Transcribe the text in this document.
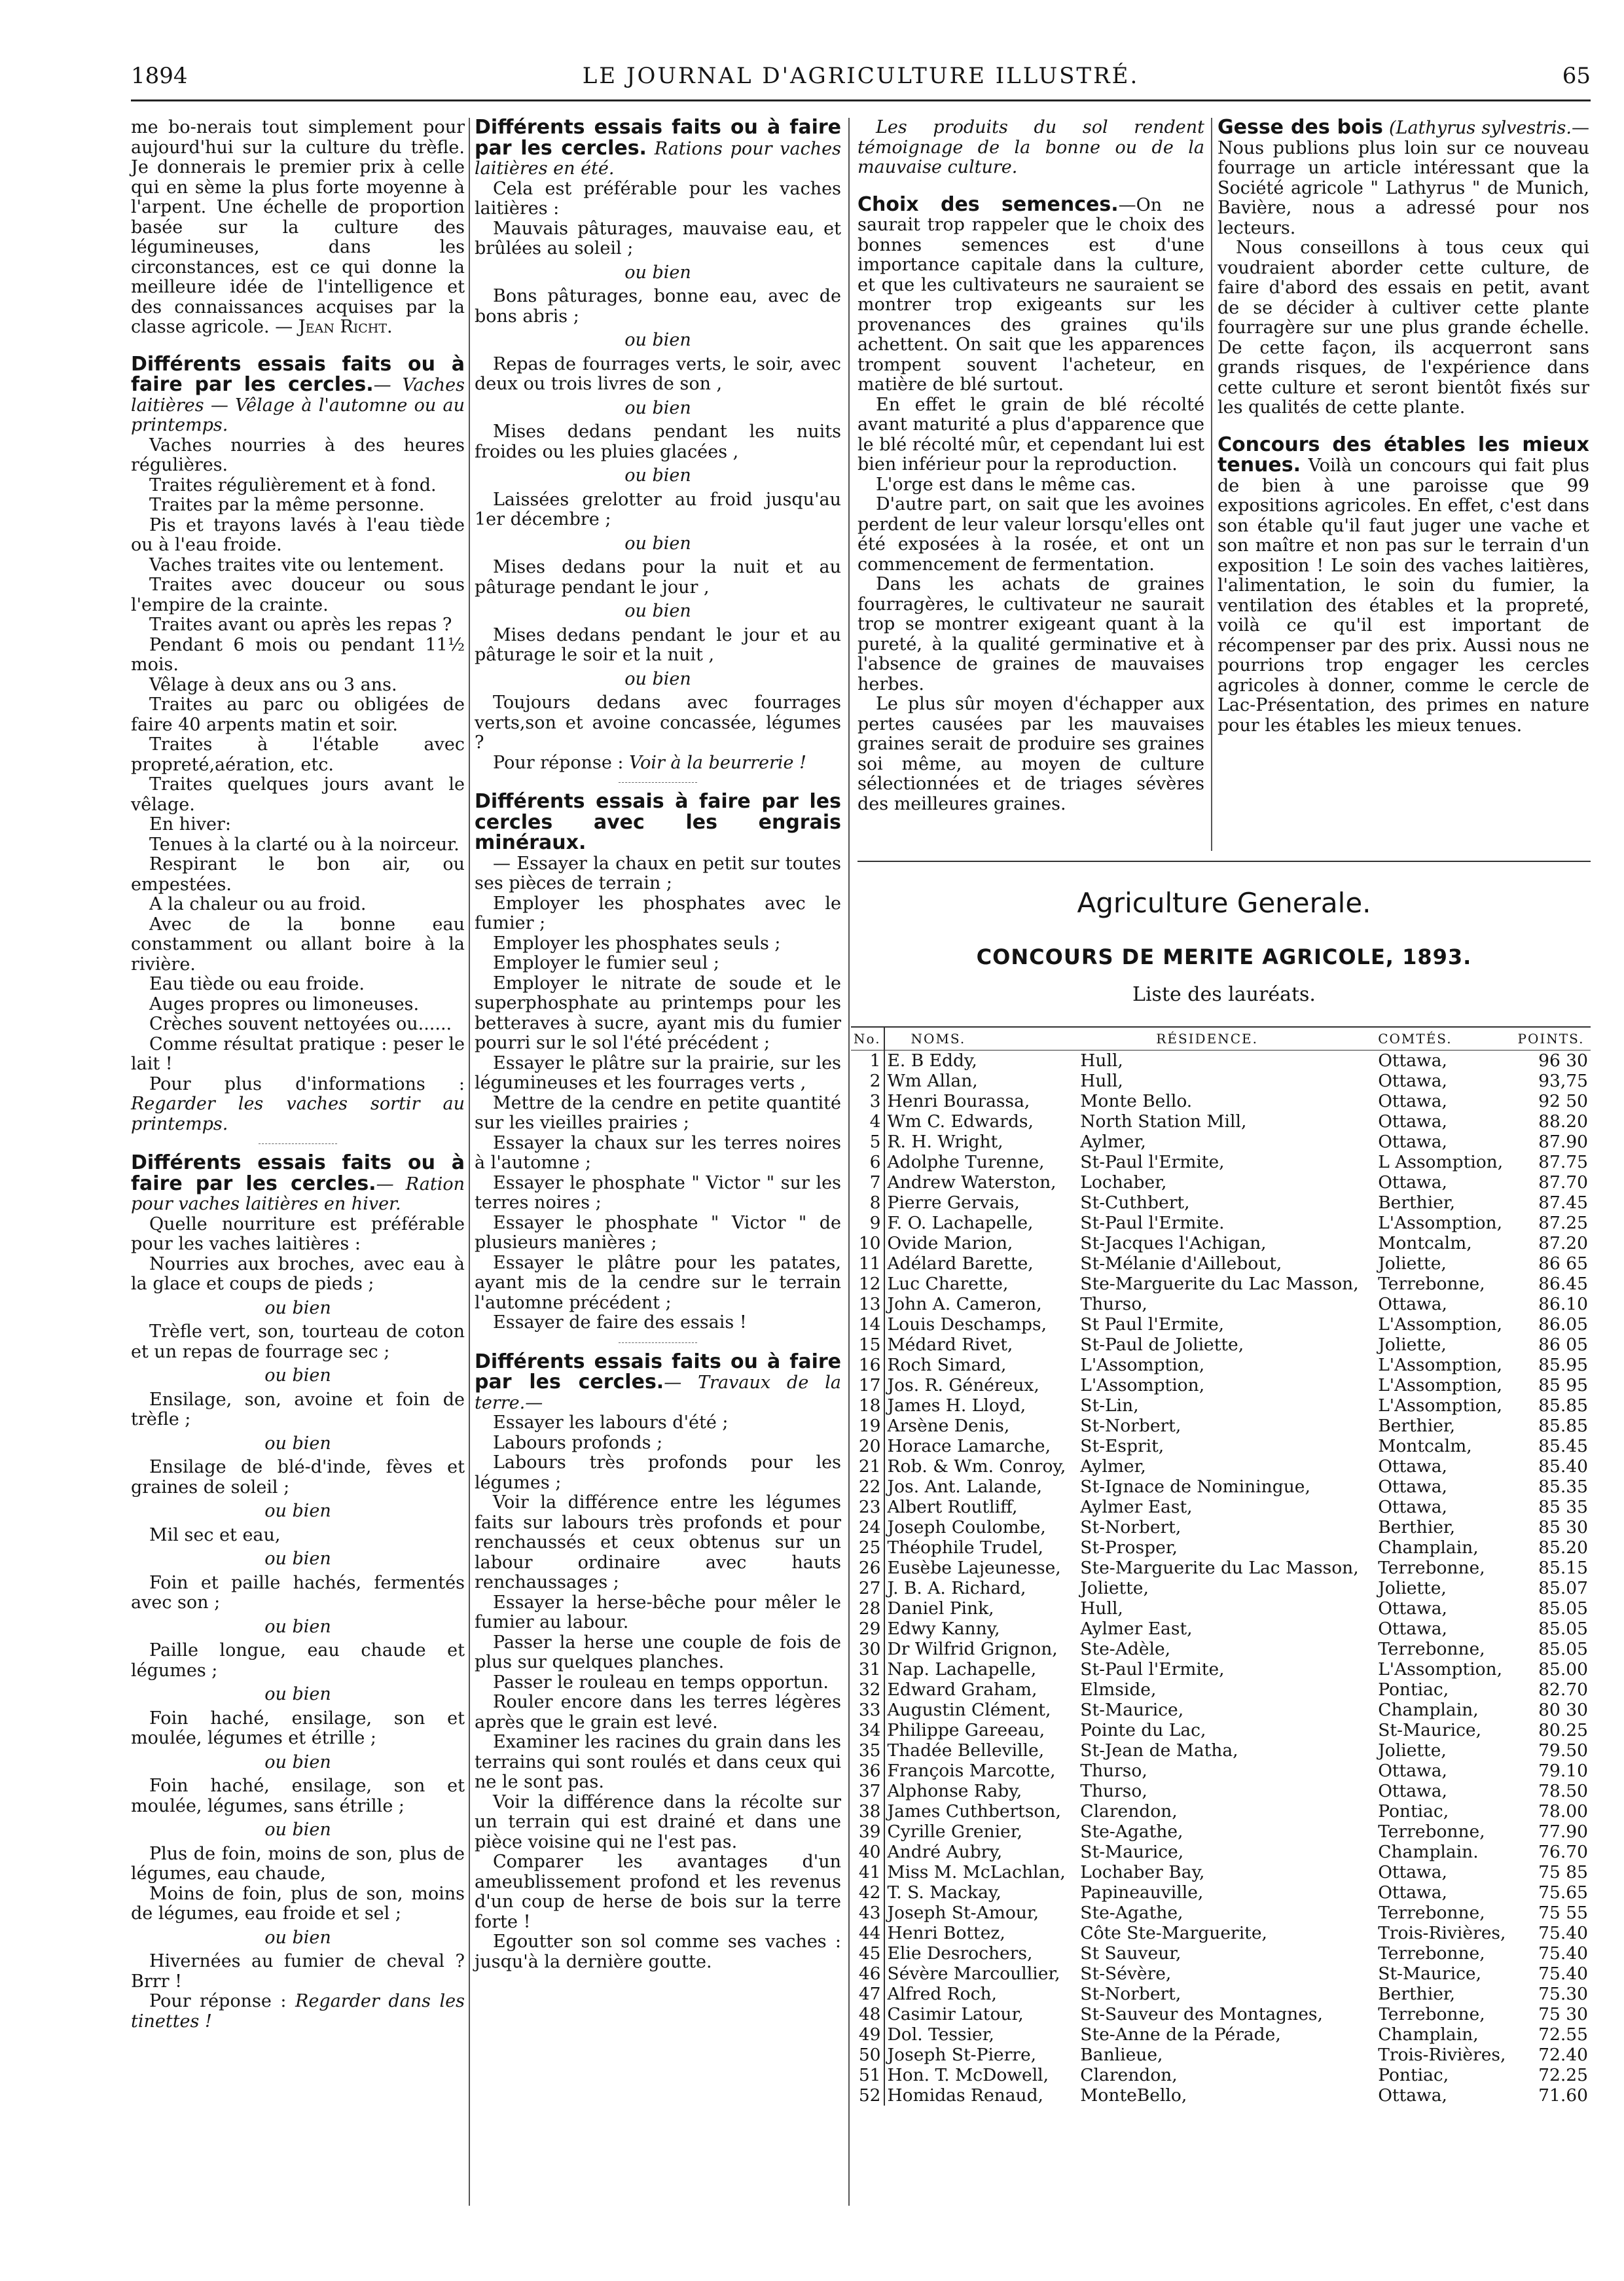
1894	LE JOURNAL D'AGRICULTURE ILLUSTRÉ.	65

me bo-nerais tout simplement pour aujourd'hui sur la culture du trèfle. Je donnerais le premier prix à celle qui en sème la plus forte moyenne à l'arpent. Une échelle de proportion basée sur la culture des légumineuses, dans les circonstances, est ce qui donne la meilleure idée de l'intelligence et des connaissances acquises par la classe agricole. — Jean Richt.

Différents essais faits ou à faire par les cercles.— Vaches laitières — Vêlage à l'automne ou au printemps.

Vaches nourries à des heures régulières.

Traites régulièrement et à fond.

Traites par la même personne.

Pis et trayons lavés à l'eau tiède ou à l'eau froide.

Vaches traites vite ou lentement.

Traites avec douceur ou sous l'empire de la crainte.

Traites avant ou après les repas ?

Pendant 6 mois ou pendant 11½ mois.

Vêlage à deux ans ou 3 ans.

Traites au parc ou obligées de faire 40 arpents matin et soir.

Traites à l'étable avec propreté,aération, etc.

Traites quelques jours avant le vêlage.

En hiver:

Tenues à la clarté ou à la noirceur.

Respirant le bon air, ou empestées.

A la chaleur ou au froid.

Avec de la bonne eau constamment ou allant boire à la rivière.

Eau tiède ou eau froide.

Auges propres ou limoneuses.

Crèches souvent nettoyées ou......

Comme résultat pratique : peser le lait !

Pour plus d'informations : Regarder les vaches sortir au printemps.

Différents essais faits ou à faire par les cercles.— Ration pour vaches laitières en hiver.

Quelle nourriture est préférable pour les vaches laitières :

Nourries aux broches, avec eau à la glace et coups de pieds ;

ou bien

Trèfle vert, son, tourteau de coton et un repas de fourrage sec ;

ou bien

Ensilage, son, avoine et foin de trèfle ;

ou bien

Ensilage de blé-d'inde, fèves et graines de soleil ;

ou bien

Mil sec et eau,

ou bien

Foin et paille hachés, fermentés avec son ;

ou bien

Paille longue, eau chaude et légumes ;

ou bien

Foin haché, ensilage, son et moulée, légumes et étrille ;

ou bien

Foin haché, ensilage, son et moulée, légumes, sans étrille ;

ou bien

Plus de foin, moins de son, plus de légumes, eau chaude,

Moins de foin, plus de son, moins de légumes, eau froide et sel ;

ou bien

Hivernées au fumier de cheval ? Brrr !

Pour réponse : Regarder dans les tinettes !

Différents essais faits ou à faire par les cercles. Rations pour vaches laitières en été.

Cela est préférable pour les vaches laitières :

Mauvais pâturages, mauvaise eau, et brûlées au soleil ;

ou bien

Bons pâturages, bonne eau, avec de bons abris ;

ou bien

Repas de fourrages verts, le soir, avec deux ou trois livres de son ,

ou bien

Mises dedans pendant les nuits froides ou les pluies glacées ,

ou bien

Laissées grelotter au froid jusqu'au 1er décembre ;

ou bien

Mises dedans pour la nuit et au pâturage pendant le jour ,

ou bien

Mises dedans pendant le jour et au pâturage le soir et la nuit ,

ou bien

Toujours dedans avec fourrages verts,son et avoine concassée, légumes ?

Pour réponse : Voir à la beurrerie !

Différents essais à faire par les cercles avec les engrais minéraux.

— Essayer la chaux en petit sur toutes ses pièces de terrain ;

Employer les phosphates avec le fumier ;

Employer les phosphates seuls ;

Employer le fumier seul ;

Employer le nitrate de soude et le superphosphate au printemps pour les betteraves à sucre, ayant mis du fumier pourri sur le sol l'été précédent ;

Essayer le plâtre sur la prairie, sur les légumineuses et les fourrages verts ,

Mettre de la cendre en petite quantité sur les vieilles prairies ;

Essayer la chaux sur les terres noires à l'automne ;

Essayer le phosphate " Victor " sur les terres noires ;

Essayer le phosphate " Victor " de plusieurs manières ;

Essayer le plâtre pour les patates, ayant mis de la cendre sur le terrain l'automne précédent ;

Essayer de faire des essais !

Différents essais faits ou à faire par les cercles.— Travaux de la terre.—

Essayer les labours d'été ;

Labours profonds ;

Labours très profonds pour les légumes ;

Voir la différence entre les légumes faits sur labours très profonds et pour renchaussés et ceux obtenus sur un labour ordinaire avec hauts renchaussages ;

Essayer la herse-bêche pour mêler le fumier au labour.

Passer la herse une couple de fois de plus sur quelques planches.

Passer le rouleau en temps opportun.

Rouler encore dans les terres légères après que le grain est levé.

Examiner les racines du grain dans les terrains qui sont roulés et dans ceux qui ne le sont pas.

Voir la différence dans la récolte sur un terrain qui est drainé et dans une pièce voisine qui ne l'est pas.

Comparer les avantages d'un ameublissement profond et les revenus d'un coup de herse de bois sur la terre forte !

Egoutter son sol comme ses vaches : jusqu'à la dernière goutte.

Les produits du sol rendent témoignage de la bonne ou de la mauvaise culture.

Choix des semences.—On ne saurait trop rappeler que le choix des bonnes semences est d'une importance capitale dans la culture, et que les cultivateurs ne sauraient se montrer trop exigeants sur les provenances des graines qu'ils achettent. On sait que les apparences trompent souvent l'acheteur, en matière de blé surtout.

En effet le grain de blé récolté avant maturité a plus d'apparence que le blé récolté mûr, et cependant lui est bien inférieur pour la reproduction.

L'orge est dans le même cas.

D'autre part, on sait que les avoines perdent de leur valeur lorsqu'elles ont été exposées à la rosée, et ont un commencement de fermentation.

Dans les achats de graines fourragères, le cultivateur ne saurait trop se montrer exigeant quant à la pureté, à la qualité germinative et à l'absence de graines de mauvaises herbes.

Le plus sûr moyen d'échapper aux pertes causées par les mauvaises graines serait de produire ses graines soi même, au moyen de culture sélectionnées et de triages sévères des meilleures graines.

Gesse des bois (Lathyrus sylvestris.— Nous publions plus loin sur ce nouveau fourrage un article intéressant que la Société agricole " Lathyrus " de Munich, Bavière, nous a adressé pour nos lecteurs.

Nous conseillons à tous ceux qui voudraient aborder cette culture, de faire d'abord des essais en petit, avant de se décider à cultiver cette plante fourragère sur une plus grande échelle. De cette façon, ils acquerront sans grands risques, de l'expérience dans cette culture et seront bientôt fixés sur les qualités de cette plante.

Concours des étables les mieux tenues. Voilà un concours qui fait plus de bien à une paroisse que 99 expositions agricoles. En effet, c'est dans son étable qu'il faut juger une vache et son maître et non pas sur le terrain d'un exposition ! Le soin des vaches laitières, l'alimentation, le soin du fumier, la ventilation des étables et la propreté, voilà ce qu'il est important de récompenser par des prix. Aussi nous ne pourrions trop engager les cercles agricoles à donner, comme le cercle de Lac-Présentation, des primes en nature pour les étables les mieux tenues.

Agriculture Generale.
CONCOURS DE MERITE AGRICOLE, 1893.
Liste des lauréats.
No.	NOMS.	RÉSIDENCE.	COMTÉS.	POINTS.
1	E. B Eddy,	Hull,	Ottawa,	96 30
2	Wm Allan,	Hull,	Ottawa,	93,75
3	Henri Bourassa,	Monte Bello.	Ottawa,	92 50
4	Wm C. Edwards,	North Station Mill,	Ottawa,	88.20
5	R. H. Wright,	Aylmer,	Ottawa,	87.90
6	Adolphe Turenne,	St-Paul l'Ermite,	L Assomption,	87.75
7	Andrew Waterston,	Lochaber,	Ottawa,	87.70
8	Pierre Gervais,	St-Cuthbert,	Berthier,	87.45
9	F. O. Lachapelle,	St-Paul l'Ermite.	L'Assomption,	87.25
10	Ovide Marion,	St-Jacques l'Achigan,	Montcalm,	87.20
11	Adélard Barette,	St-Mélanie d'Aillebout,	Joliette,	86 65
12	Luc Charette,	Ste-Marguerite du Lac Masson,	Terrebonne,	86.45
13	John A. Cameron,	Thurso,	Ottawa,	86.10
14	Louis Deschamps,	St Paul l'Ermite,	L'Assomption,	86.05
15	Médard Rivet,	St-Paul de Joliette,	Joliette,	86 05
16	Roch Simard,	L'Assomption,	L'Assomption,	85.95
17	Jos. R. Généreux,	L'Assomption,	L'Assomption,	85 95
18	James H. Lloyd,	St-Lin,	L'Assomption,	85.85
19	Arsène Denis,	St-Norbert,	Berthier,	85.85
20	Horace Lamarche,	St-Esprit,	Montcalm,	85.45
21	Rob. & Wm. Conroy,	Aylmer,	Ottawa,	85.40
22	Jos. Ant. Lalande,	St-Ignace de Nominingue,	Ottawa,	85.35
23	Albert Routliff,	Aylmer East,	Ottawa,	85 35
24	Joseph Coulombe,	St-Norbert,	Berthier,	85 30
25	Théophile Trudel,	St-Prosper,	Champlain,	85.20
26	Eusèbe Lajeunesse,	Ste-Marguerite du Lac Masson,	Terrebonne,	85.15
27	J. B. A. Richard,	Joliette,	Joliette,	85.07
28	Daniel Pink,	Hull,	Ottawa,	85.05
29	Edwy Kanny,	Aylmer East,	Ottawa,	85.05
30	Dr Wilfrid Grignon,	Ste-Adèle,	Terrebonne,	85.05
31	Nap. Lachapelle,	St-Paul l'Ermite,	L'Assomption,	85.00
32	Edward Graham,	Elmside,	Pontiac,	82.70
33	Augustin Clément,	St-Maurice,	Champlain,	80 30
34	Philippe Gareeau,	Pointe du Lac,	St-Maurice,	80.25
35	Thadée Belleville,	St-Jean de Matha,	Joliette,	79.50
36	François Marcotte,	Thurso,	Ottawa,	79.10
37	Alphonse Raby,	Thurso,	Ottawa,	78.50
38	James Cuthbertson,	Clarendon,	Pontiac,	78.00
39	Cyrille Grenier,	Ste-Agathe,	Terrebonne,	77.90
40	André Aubry,	St-Maurice,	Champlain.	76.70
41	Miss M. McLachlan,	Lochaber Bay,	Ottawa,	75 85
42	T. S. Mackay,	Papineauville,	Ottawa,	75.65
43	Joseph St-Amour,	Ste-Agathe,	Terrebonne,	75 55
44	Henri Bottez,	Côte Ste-Marguerite,	Trois-Rivières,	75.40
45	Elie Desrochers,	St Sauveur,	Terrebonne,	75.40
46	Sévère Marcoullier,	St-Sévère,	St-Maurice,	75.40
47	Alfred Roch,	St-Norbert,	Berthier,	75.30
48	Casimir Latour,	St-Sauveur des Montagnes,	Terrebonne,	75 30
49	Dol. Tessier,	Ste-Anne de la Pérade,	Champlain,	72.55
50	Joseph St-Pierre,	Banlieue,	Trois-Rivières,	72.40
51	Hon. T. McDowell,	Clarendon,	Pontiac,	72.25
52	Homidas Renaud,	MonteBello,	Ottawa,	71.60
